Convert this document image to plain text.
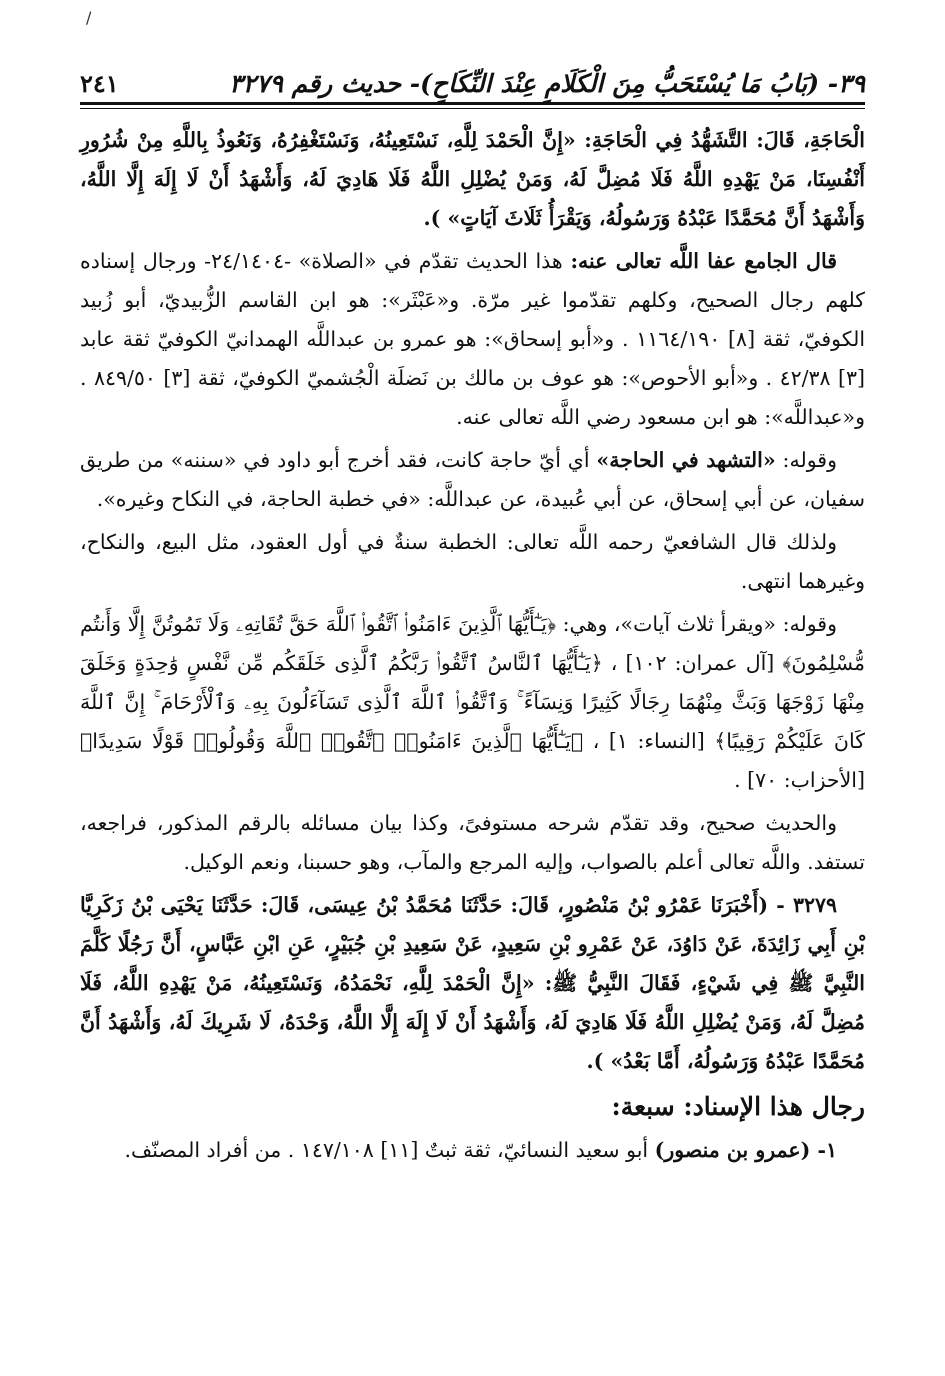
/
٣٩- (بَابُ مَا يُسْتَحَبُّ مِنَ الْكَلَامِ عِنْدَ النِّكَاحِ)- حديث رقم ٣٢٧٩
٢٤١

الْحَاجَةِ، قَالَ: التَّشَهُّدُ فِي الْحَاجَةِ: «إِنَّ الْحَمْدَ لِلَّهِ، نَسْتَعِينُهُ، وَنَسْتَغْفِرُهُ، وَنَعُوذُ بِاللَّهِ مِنْ شُرُورِ أَنْفُسِنَا، مَنْ يَهْدِهِ اللَّهُ فَلَا مُضِلَّ لَهُ، وَمَنْ يُضْلِلِ اللَّهُ فَلَا هَادِيَ لَهُ، وَأَشْهَدُ أَنْ لَا إِلَهَ إِلَّا اللَّهُ، وَأَشْهَدُ أَنَّ مُحَمَّدًا عَبْدُهُ وَرَسُولُهُ، وَيَقْرَأُ ثَلَاثَ آيَاتٍ» ).

قال الجامع عفا اللَّه تعالى عنه: هذا الحديث تقدّم في «الصلاة» -٢٤/١٤٠٤- ورجال إسناده كلهم رجال الصحيح، وكلهم تقدّموا غير مرّة. و«عَبْثَر»: هو ابن القاسم الزُّبيديّ، أبو زُبيد الكوفيّ، ثقة [٨] ١١٦٤/١٩٠ . و«أبو إسحاق»: هو عمرو بن عبداللَّه الهمدانيّ الكوفيّ ثقة عابد [٣] ٤٢/٣٨ . و«أبو الأحوص»: هو عوف بن مالك بن نَضلَة الْجُشميّ الكوفيّ، ثقة [٣] ٨٤٩/٥٠ . و«عبداللَّه»: هو ابن مسعود رضي اللَّه تعالى عنه.

وقوله: «التشهد في الحاجة» أي أيّ حاجة كانت، فقد أخرج أبو داود في «سننه» من طريق سفيان، عن أبي إسحاق، عن أبي عُبيدة، عن عبداللَّه: «في خطبة الحاجة، في النكاح وغيره».

ولذلك قال الشافعيّ رحمه اللَّه تعالى: الخطبة سنةٌ في أول العقود، مثل البيع، والنكاح، وغيرهما انتهى.

وقوله: «ويقرأ ثلاث آيات»، وهي: ﴿يَـٰٓأَيُّهَا ٱلَّذِينَ ءَامَنُوا۟ ٱتَّقُوا۟ ٱللَّهَ حَقَّ تُقَاتِهِۦ وَلَا تَمُوتُنَّ إِلَّا وَأَنتُم مُّسْلِمُونَ﴾ [آل عمران: ١٠٢] ، ﴿يَـٰٓأَيُّهَا ٱلنَّاسُ ٱتَّقُوا۟ رَبَّكُمُ ٱلَّذِى خَلَقَكُم مِّن نَّفْسٍ وَٰحِدَةٍ وَخَلَقَ مِنْهَا زَوْجَهَا وَبَثَّ مِنْهُمَا رِجَالًا كَثِيرًا وَنِسَآءً ۚ وَٱتَّقُوا۟ ٱللَّهَ ٱلَّذِى تَسَآءَلُونَ بِهِۦ وَٱلْأَرْحَامَ ۚ إِنَّ ٱللَّهَ كَانَ عَلَيْكُمْ رَقِيبًا﴾ [النساء: ١] ، ﴿يَـٰٓأَيُّهَا ٱلَّذِينَ ءَامَنُوا۟ ٱتَّقُوا۟ ٱللَّهَ وَقُولُوا۟ قَوْلًا سَدِيدًا﴾ [الأحزاب: ٧٠] .

والحديث صحيح، وقد تقدّم شرحه مستوفىً، وكذا بيان مسائله بالرقم المذكور، فراجعه، تستفد. واللَّه تعالى أعلم بالصواب، وإليه المرجع والمآب، وهو حسبنا، ونعم الوكيل.

٣٢٧٩ - (أَخْبَرَنَا عَمْرُو بْنُ مَنْصُورٍ، قَالَ: حَدَّثَنَا مُحَمَّدُ بْنُ عِيسَى، قَالَ: حَدَّثَنَا يَحْيَى بْنُ زَكَرِيَّا بْنِ أَبِي زَائِدَةَ، عَنْ دَاوُدَ، عَنْ عَمْرِو بْنِ سَعِيدٍ، عَنْ سَعِيدِ بْنِ جُبَيْرٍ، عَنِ ابْنِ عَبَّاسٍ، أَنَّ رَجُلًا كَلَّمَ النَّبِيَّ ﷺ فِي شَيْءٍ، فَقَالَ النَّبِيُّ ﷺ: «إِنَّ الْحَمْدَ لِلَّهِ، نَحْمَدُهُ، وَنَسْتَعِينُهُ، مَنْ يَهْدِهِ اللَّهُ، فَلَا مُضِلَّ لَهُ، وَمَنْ يُضْلِلِ اللَّهُ فَلَا هَادِيَ لَهُ، وَأَشْهَدُ أَنْ لَا إِلَهَ إِلَّا اللَّهُ، وَحْدَهُ، لَا شَرِيكَ لَهُ، وَأَشْهَدُ أَنَّ مُحَمَّدًا عَبْدُهُ وَرَسُولُهُ، أَمَّا بَعْدُ» ).

رجال هذا الإسناد: سبعة:

١- (عمرو بن منصور) أبو سعيد النسائيّ، ثقة ثبتٌ [١١] ١٤٧/١٠٨ . من أفراد المصنّف.
